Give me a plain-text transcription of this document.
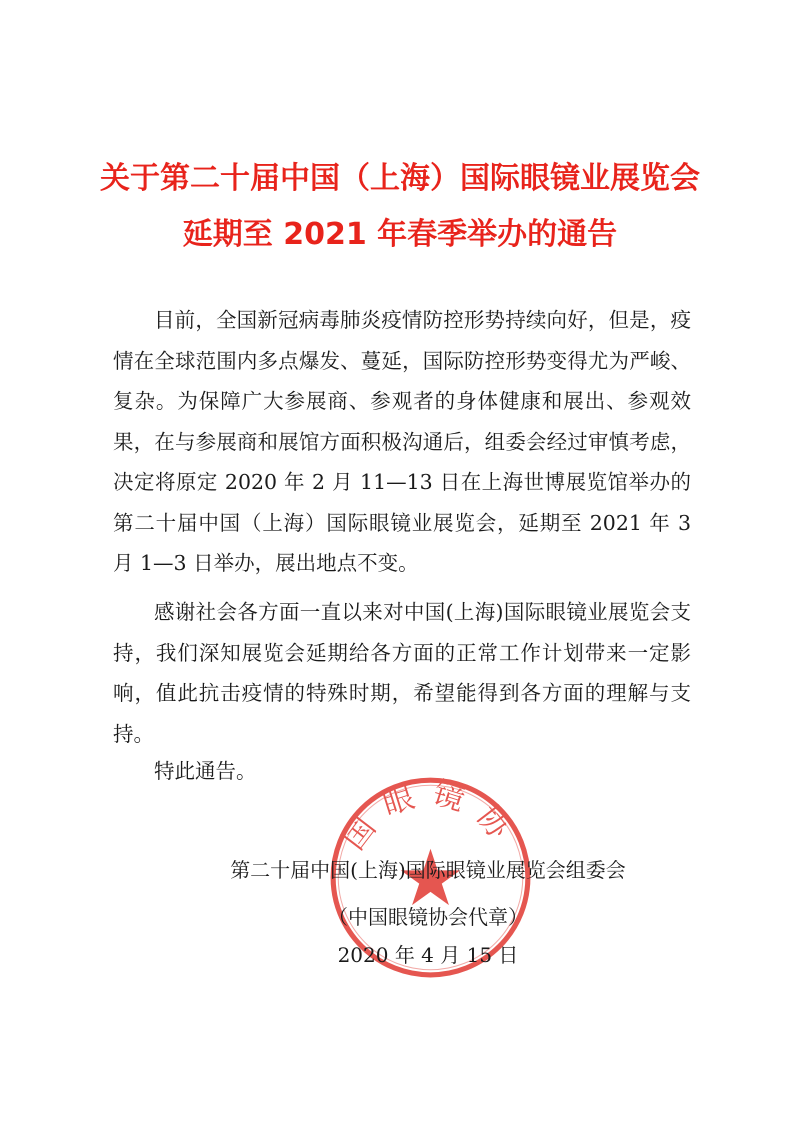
关于第二十届中国（上海）国际眼镜业展览会
延期至 2021 年春季举办的通告

目前，全国新冠病毒肺炎疫情防控形势持续向好，但是，疫情在全球范围内多点爆发、蔓延，国际防控形势变得尤为严峻、复杂。为保障广大参展商、参观者的身体健康和展出、参观效果，在与参展商和展馆方面积极沟通后，组委会经过审慎考虑，决定将原定 2020 年 2 月 11—13 日在上海世博展览馆举办的第二十届中国（上海）国际眼镜业展览会，延期至 2021 年 3 月 1—3 日举办，展出地点不变。

感谢社会各方面一直以来对中国(上海)国际眼镜业展览会支持，我们深知展览会延期给各方面的正常工作计划带来一定影响，值此抗击疫情的特殊时期，希望能得到各方面的理解与支持。

特此通告。

国眼镜协
第二十届中国(上海)国际眼镜业展览会组委会
（中国眼镜协会代章）
2020 年 4 月 15 日
